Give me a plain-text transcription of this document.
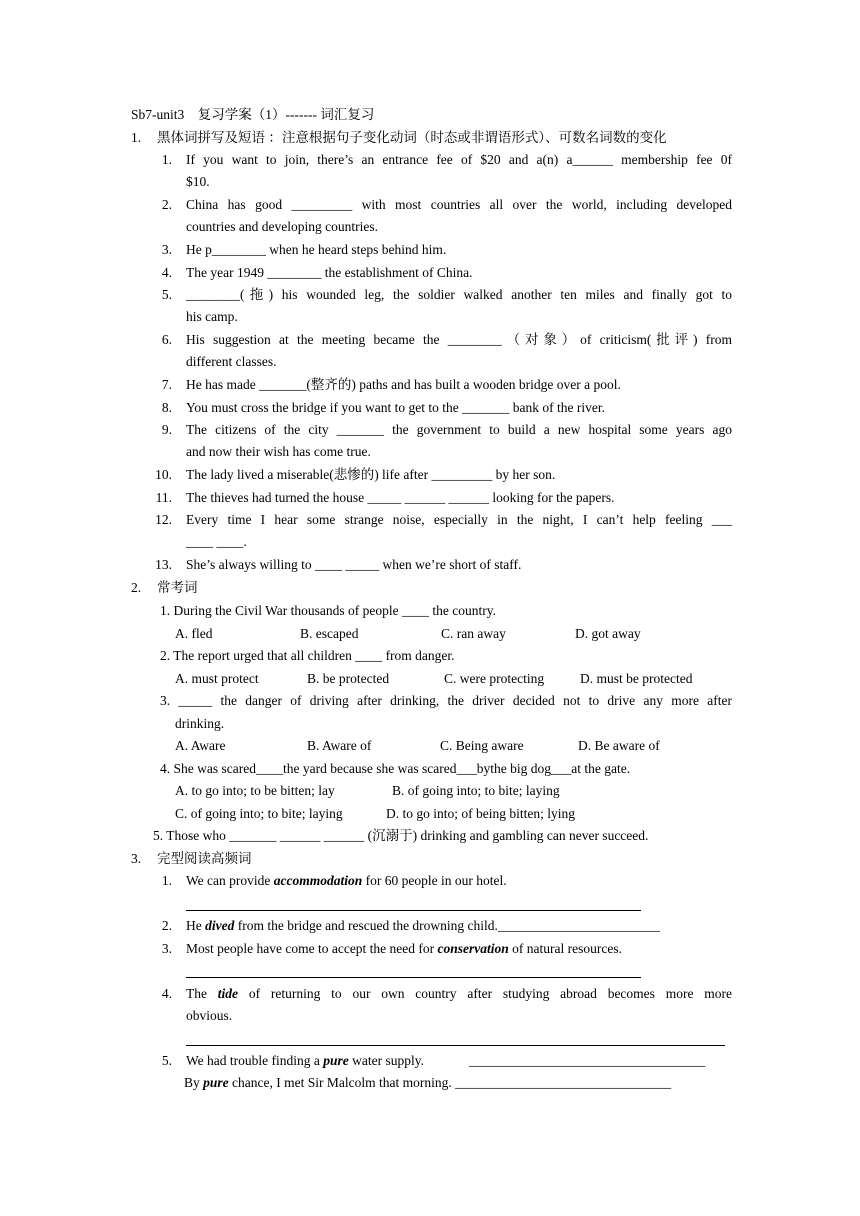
Sb7-unit3　复习学案（1）------- 词汇复习
1. 黑体词拼写及短语 ：注意根据句子变化动词（时态或非谓语形式）、可数名词数的变化
1. If you want to join, there’s an entrance fee of $20 and a(n) a______ membership fee 0f
$10.
2. China has good _________ with most countries all over the world, including developed
countries and developing countries.
3. He p________ when he heard steps behind him.
4. The year 1949 ________ the establishment of China.
5. ________(拖) his wounded leg, the soldier walked another ten miles and finally got to
his camp.
6. His suggestion at the meeting became the ________（对象）of criticism(批评) from
different classes.
7. He has made _______(整齐的) paths and has built a wooden bridge over a pool.
8. You must cross the bridge if you want to get to the _______ bank of the river.
9. The citizens of the city _______ the government to build a new hospital some years ago
and now their wish has come true.
10. The lady lived a miserable(悲惨的) life after _________ by her son.
11. The thieves had turned the house _____ ______ ______ looking for the papers.
12. Every time I hear some strange noise, especially in the night, I can’t help feeling ___
____ ____.
13. She’s always willing to ____ _____ when we’re short of staff.
2. 常考词
1. During the Civil War thousands of people ____ the country.
A. fled	B. escaped	C. ran away	D. got away
2. The report urged that all children ____ from danger.
A. must protect	B. be protected	C. were protecting	D. must be protected
3. _____ the danger of driving after drinking, the driver decided not to drive any more after
drinking.
A. Aware	B. Aware of	C. Being aware	D. Be aware of
4. She was scared____the yard because she was scared___bythe big dog___at the gate.
A. to go into; to be bitten; lay	B. of going into; to bite; laying
C. of going into; to bite; laying	D. to go into; of being bitten; lying
5. Those who _______ ______ ______ (沉溺于) drinking and gambling can never succeed.
3. 完型阅读高频词
1. We can provide accommodation for 60 people in our hotel.
2. He dived from the bridge and rescued the drowning child.________________________
3. Most people have come to accept the need for conservation of natural resources.
4. The tide of returning to our own country after studying abroad becomes more more
obvious.
5. We had trouble finding a pure water supply.	___________________________________
By pure chance, I met Sir Malcolm that morning. ________________________________
